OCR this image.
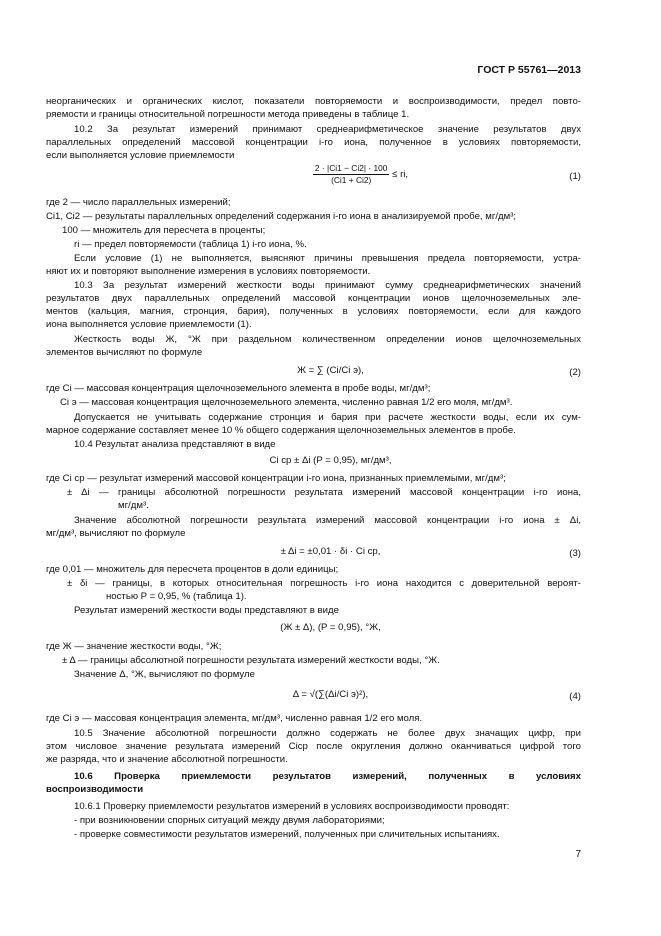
ГОСТ Р 55761—2013
неорганических и органических кислот, показатели повторяемости и воспроизводимости, предел повто-
ряемости и границы относительной погрешности метода приведены в таблице 1.
10.2 За результат измерений принимают среднеарифметическое значение результатов двух
параллельных определений массовой концентрации i-го иона, полученное в условиях повторяемости,
если выполняется условие приемлемости
$\frac{2 \cdot |Ci1 - Ci2| \cdot 100}{(Ci1 + Ci2)}$ ≤ ri,	(1)
где 2 — число параллельных измерений;
Ci1, Ci2 — результаты параллельных определений содержания i-го иона в анализируемой пробе, мг/дм³;
100 — множитель для пересчета в проценты;
ri — предел повторяемости (таблица 1) i-го иона, %.
Если условие (1) не выполняется, выясняют причины превышения предела повторяемости, устра-
няют их и повторяют выполнение измерения в условиях повторяемости.
10.3 За результат измерений жесткости воды принимают сумму среднеарифметических значений
результатов двух параллельных определений массовой концентрации ионов щелочноземельных эле-
ментов (кальция, магния, стронция, бария), полученных в условиях повторяемости, если для каждого
иона выполняется условие приемлемости (1).
Жесткость воды Ж, °Ж при раздельном количественном определении ионов щелочноземельных
элементов вычисляют по формуле
Ж = ∑ (Ci/Ci э),	(2)
где Ci — массовая концентрация щелочноземельного элемента в пробе воды, мг/дм³;
Ci э — массовая концентрация щелочноземельного элемента, численно равная 1/2 его моля, мг/дм³.
Допускается не учитывать содержание стронция и бария при расчете жесткости воды, если их сум-
марное содержание составляет менее 10 % общего содержания щелочноземельных элементов в пробе.
10.4 Результат анализа представляют в виде
Ci ср ± Δi (P = 0,95), мг/дм³,
где Ci ср — результат измерений массовой концентрации i-го иона, признанных приемлемыми, мг/дм³;
± Δi — границы абсолютной погрешности результата измерений массовой концентрации i-го иона,
мг/дм³.
Значение абсолютной погрешности результата измерений массовой концентрации i-го иона ± Δi,
мг/дм³, вычисляют по формуле
± Δi = ±0,01 · δi · Ci ср,	(3)
где 0,01 — множитель для пересчета процентов в доли единицы;
± δi — границы, в которых относительная погрешность i-го иона находится с доверительной вероят-
ностью P = 0,95, % (таблица 1).
Результат измерений жесткости воды представляют в виде
(Ж ± Δ), (P = 0,95), °Ж,
где Ж — значение жесткости воды, °Ж;
± Δ — границы абсолютной погрешности результата измерений жесткости воды, °Ж.
Значение Δ, °Ж, вычисляют по формуле
Δ = √(∑(Δi/Ci э)²),	(4)
где Ci э — массовая концентрация элемента, мг/дм³, численно равная 1/2 его моля.
10.5 Значение абсолютной погрешности должно содержать не более двух значащих цифр, при
этом числовое значение результата измерений Ciср после округления должно оканчиваться цифрой того
же разряда, что и значение абсолютной погрешности.
10.6 Проверка приемлемости результатов измерений, полученных в условиях
воспроизводимости
10.6.1 Проверку приемлемости результатов измерений в условиях воспроизводимости проводят:
- при возникновении спорных ситуаций между двумя лабораториями;
- проверке совместимости результатов измерений, полученных при сличительных испытаниях.
7
